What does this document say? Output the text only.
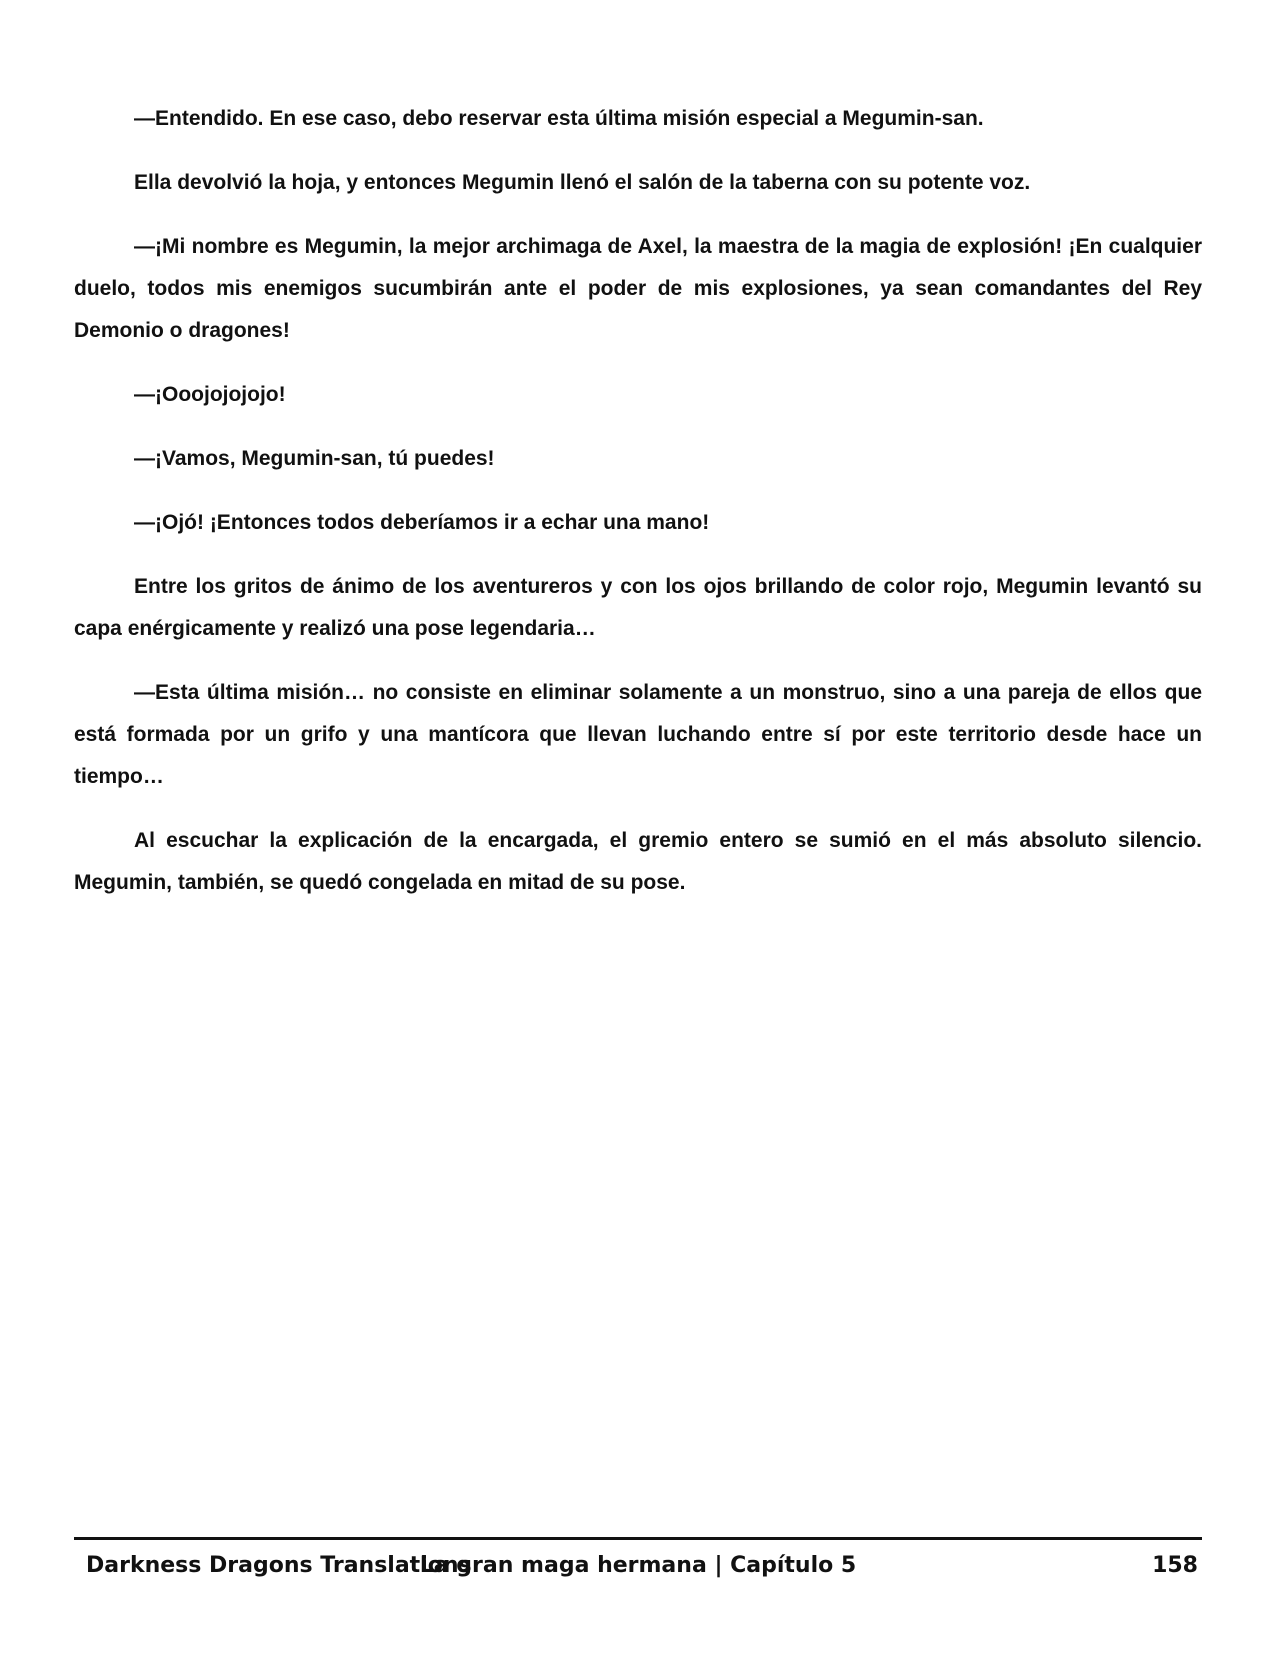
—Entendido. En ese caso, debo reservar esta última misión especial a Megumin-san.

Ella devolvió la hoja, y entonces Megumin llenó el salón de la taberna con su potente voz.

—¡Mi nombre es Megumin, la mejor archimaga de Axel, la maestra de la magia de explosión! ¡En cualquier duelo, todos mis enemigos sucumbirán ante el poder de mis explosiones, ya sean comandantes del Rey Demonio o dragones!

—¡Ooojojojojo!

—¡Vamos, Megumin-san, tú puedes!

—¡Ojó! ¡Entonces todos deberíamos ir a echar una mano!

Entre los gritos de ánimo de los aventureros y con los ojos brillando de color rojo, Megumin levantó su capa enérgicamente y realizó una pose legendaria…

—Esta última misión… no consiste en eliminar solamente a un monstruo, sino a una pareja de ellos que está formada por un grifo y una mantícora que llevan luchando entre sí por este territorio desde hace un tiempo…

Al escuchar la explicación de la encargada, el gremio entero se sumió en el más absoluto silencio. Megumin, también, se quedó congelada en mitad de su pose.

Darkness Dragons Translations
La gran maga hermana | Capítulo 5	158
